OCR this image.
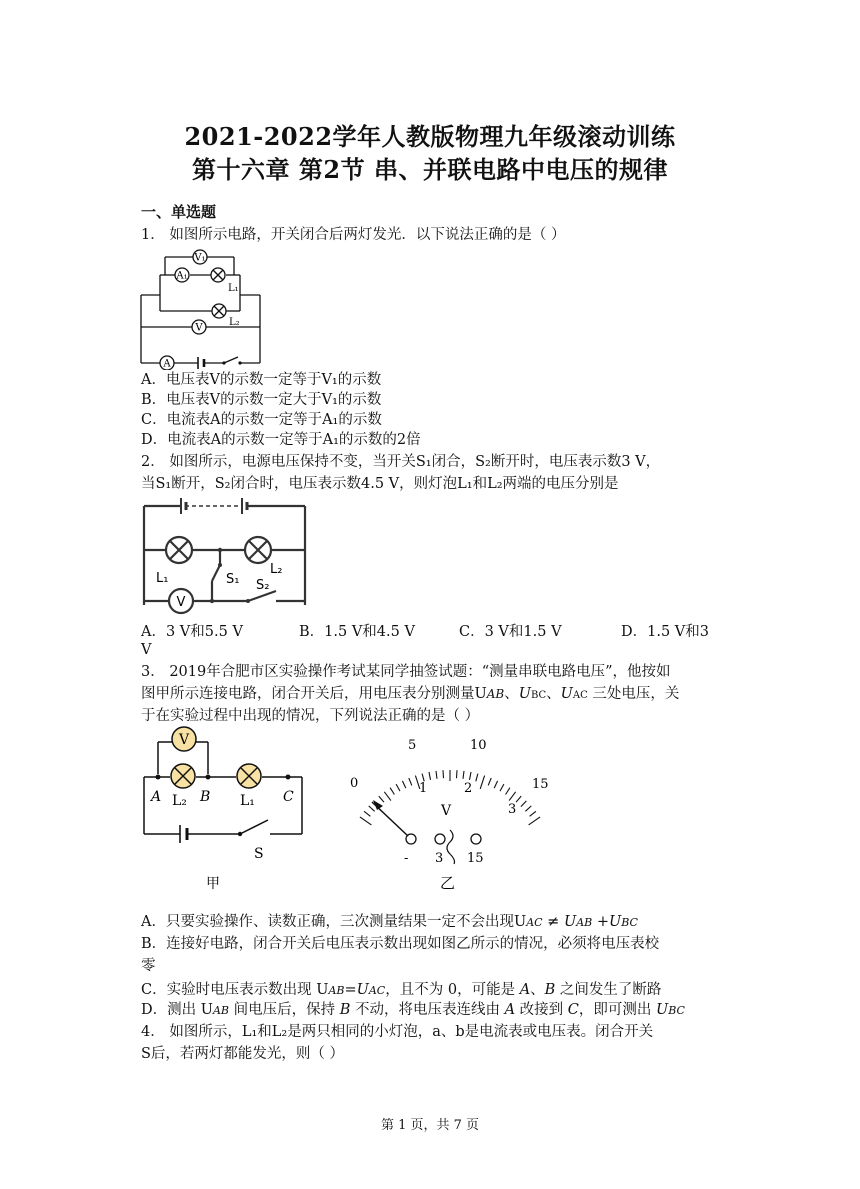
2021-2022学年人教版物理九年级滚动训练
第十六章 第2节 串、并联电路中电压的规律
一、单选题
1． 如图所示电路，开关闭合后两灯发光．以下说法正确的是（ ）
V₁
A₁
L₁
L₂
V
A
A．电压表V的示数一定等于V₁的示数
B．电压表V的示数一定大于V₁的示数
C．电流表A的示数一定等于A₁的示数
D．电流表A的示数一定等于A₁的示数的2倍
2． 如图所示，电源电压保持不变，当开关S₁闭合，S₂断开时，电压表示数3 V，
当S₁断开，S₂闭合时，电压表示数4.5 V，则灯泡L₁和L₂两端的电压分别是
L₁
L₂
S₁ S₂
V
A．3 V和5.5 V	B．1.5 V和4.5 V	C．3 V和1.5 V	D．1.5 V和3
V
3． 2019年合肥市区实验操作考试某同学抽签试题：“测量串联电路电压”，他按如
图甲所示连接电路，闭合开关后，用电压表分别测量UAB、UBC、UAC 三处电压，关
于在实验过程中出现的情况，下列说法正确的是（ ）
V
A	B	C
L₂	L₁
S
甲
0
5	10
15
1	2
3
V
- 3 15
乙
A．只要实验操作、读数正确，三次测量结果一定不会出现UAC ≠ UAB +UBC
B．连接好电路，闭合开关后电压表示数出现如图乙所示的情况，必须将电压表校
零
C．实验时电压表示数出现 UAB=UAC，且不为 0，可能是 A、B 之间发生了断路
D．测出 UAB 间电压后，保持 B 不动，将电压表连线由 A 改接到 C，即可测出 UBC
4． 如图所示，L₁和L₂是两只相同的小灯泡，a、b是电流表或电压表。闭合开关
S后，若两灯都能发光，则（ ）
第 1 页，共 7 页
